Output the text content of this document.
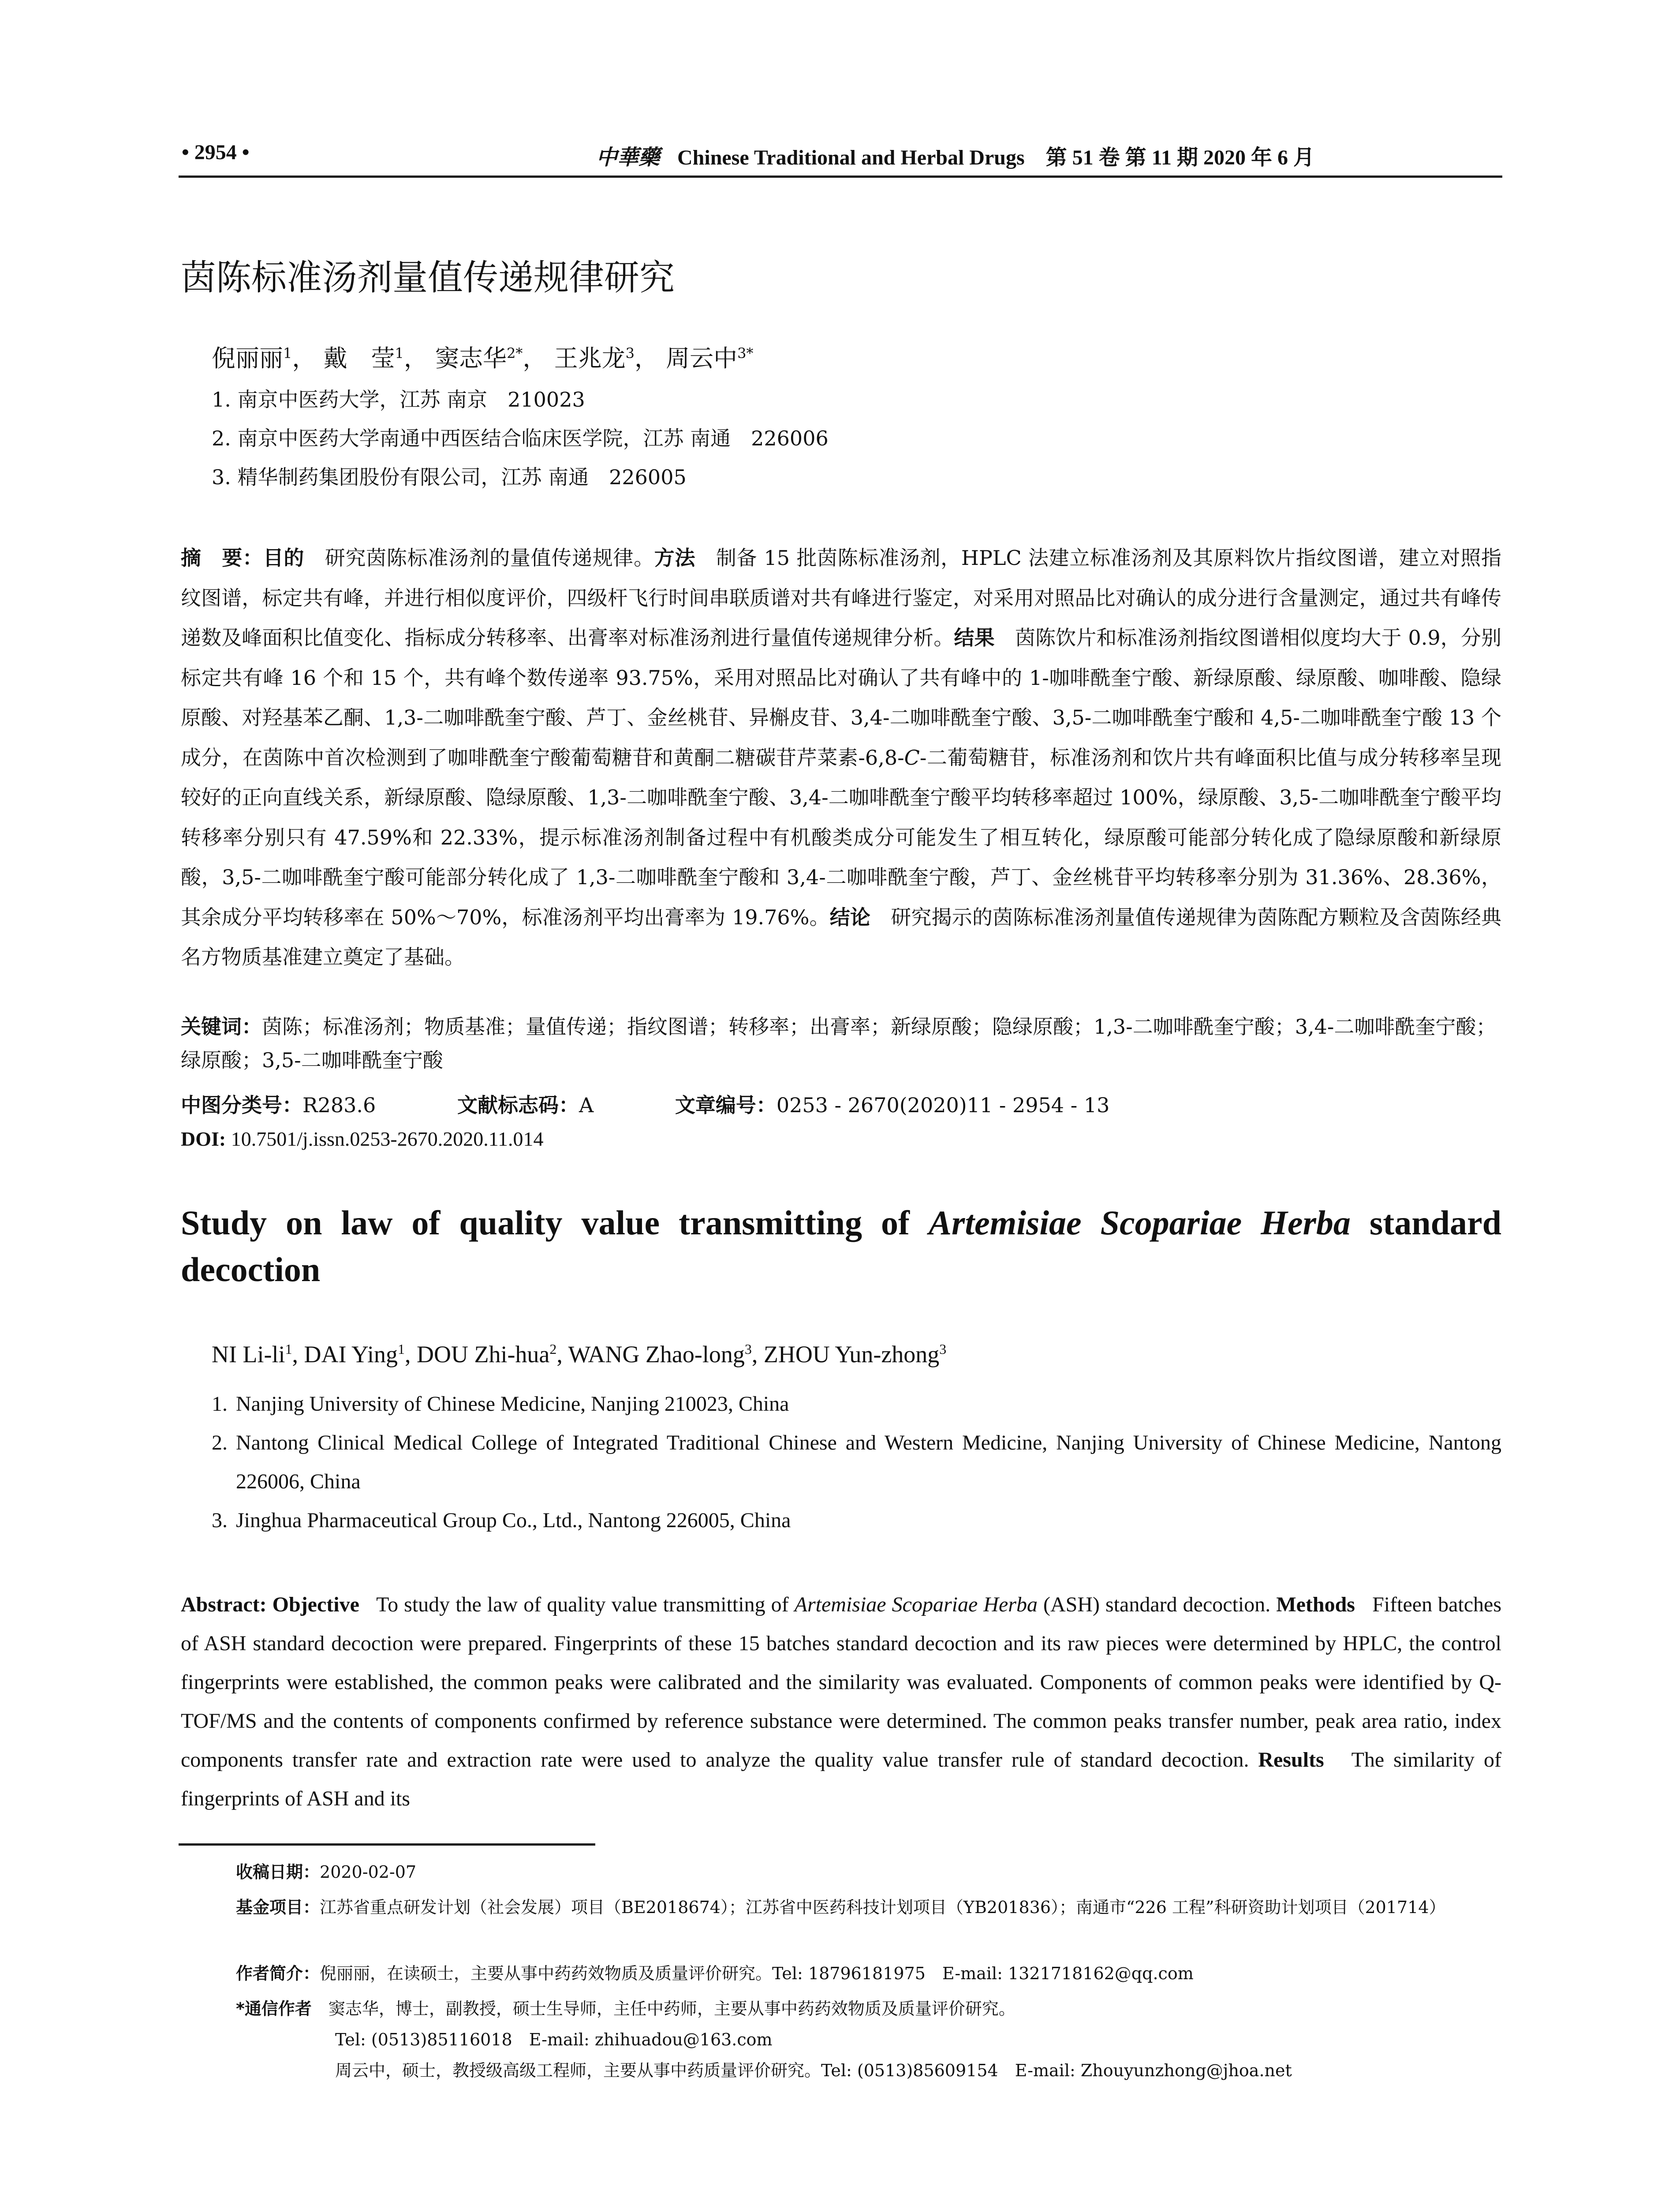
• 2954 •	中華藥 Chinese Traditional and Herbal Drugs　第 51 卷 第 11 期 2020 年 6 月
茵陈标准汤剂量值传递规律研究
倪丽丽$^1$， 戴　莹$^1$， 窦志华$^{2*}$， 王兆龙$^3$， 周云中$^{3*}$
1. 南京中医药大学，江苏 南京　210023
2. 南京中医药大学南通中西医结合临床医学院，江苏 南通　226006
3. 精华制药集团股份有限公司，江苏 南通　226005
摘　要：目的　 研究茵陈标准汤剂的量值传递规律。方法　 制备 15 批茵陈标准汤剂，HPLC 法建立标准汤剂及其原料饮片指纹图谱，建立对照指纹图谱，标定共有峰，并进行相似度评价，四级杆飞行时间串联质谱对共有峰进行鉴定，对采用对照品比对确认的成分进行含量测定，通过共有峰传递数及峰面积比值变化、指标成分转移率、出膏率对标准汤剂进行量值传递规律分析。结果　 茵陈饮片和标准汤剂指纹图谱相似度均大于 0.9，分别标定共有峰 16 个和 15 个，共有峰个数传递率 93.75%，采用对照品比对确认了共有峰中的 1-咖啡酰奎宁酸、新绿原酸、绿原酸、咖啡酸、隐绿原酸、对羟基苯乙酮、1,3-二咖啡酰奎宁酸、芦丁、金丝桃苷、异槲皮苷、3,4-二咖啡酰奎宁酸、3,5-二咖啡酰奎宁酸和 4,5-二咖啡酰奎宁酸 13 个成分，在茵陈中首次检测到了咖啡酰奎宁酸葡萄糖苷和黄酮二糖碳苷芹菜素-6,8-C-二葡萄糖苷，标准汤剂和饮片共有峰面积比值与成分转移率呈现较好的正向直线关系，新绿原酸、隐绿原酸、1,3-二咖啡酰奎宁酸、3,4-二咖啡酰奎宁酸平均转移率超过 100%，绿原酸、3,5-二咖啡酰奎宁酸平均转移率分别只有 47.59%和 22.33%，提示标准汤剂制备过程中有机酸类成分可能发生了相互转化，绿原酸可能部分转化成了隐绿原酸和新绿原酸，3,5-二咖啡酰奎宁酸可能部分转化成了 1,3-二咖啡酰奎宁酸和 3,4-二咖啡酰奎宁酸，芦丁、金丝桃苷平均转移率分别为 31.36%、28.36%，其余成分平均转移率在 50%～70%，标准汤剂平均出膏率为 19.76%。结论　 研究揭示的茵陈标准汤剂量值传递规律为茵陈配方颗粒及含茵陈经典名方物质基准建立奠定了基础。
关键词：茵陈；标准汤剂；物质基准；量值传递；指纹图谱；转移率；出膏率；新绿原酸；隐绿原酸；1,3-二咖啡酰奎宁酸；3,4-二咖啡酰奎宁酸；绿原酸；3,5-二咖啡酰奎宁酸
中图分类号：R283.6	文献标志码：A	文章编号：0253 - 2670(2020)11 - 2954 - 13
DOI: 10.7501/j.issn.0253-2670.2020.11.014
Study on law of quality value transmitting of Artemisiae Scopariae Herba standard decoction
NI $Li-li^1$, DAI Ying$^1$, DOU Zhi-hua$^2$, WANG Zhao-long$^3$, ZHOU Yun-zhong$^3$
1. Nanjing University of Chinese Medicine, Nanjing 210023, China
2. Nantong Clinical Medical College of Integrated Traditional Chinese and Western Medicine, Nanjing University of Chinese Medicine, Nantong 226006, China
3. Jinghua Pharmaceutical Group Co., Ltd., Nantong 226005, China
Abstract: Objective To study the law of quality value transmitting of Artemisiae Scopariae Herba (ASH) standard decoction. Methods Fifteen batches of ASH standard decoction were prepared. Fingerprints of these 15 batches standard decoction and its raw pieces were determined by HPLC, the control fingerprints were established, the common peaks were calibrated and the similarity was evaluated. Components of common peaks were identified by Q-TOF/MS and the contents of components confirmed by reference substance were determined. The common peaks transfer number, peak area ratio, index components transfer rate and extraction rate were used to analyze the quality value transfer rule of standard decoction. Results The similarity of fingerprints of ASH and its
收稿日期：2020-02-07
基金项目：江苏省重点研发计划（社会发展）项目（BE2018674）；江苏省中医药科技计划项目（YB201836）；南通市“226 工程”科研资助计划项目（201714）
作者简介：倪丽丽，在读硕士，主要从事中药药效物质及质量评价研究。Tel: 18796181975　E-mail: 1321718162@qq.com
*通信作者　 窦志华，博士，副教授，硕士生导师，主任中药师，主要从事中药药效物质及质量评价研究。
Tel: (0513)85116018　E-mail: zhihuadou@163.com
周云中，硕士，教授级高级工程师，主要从事中药质量评价研究。Tel: (0513)85609154　E-mail: Zhouyunzhong@jhoa.net
